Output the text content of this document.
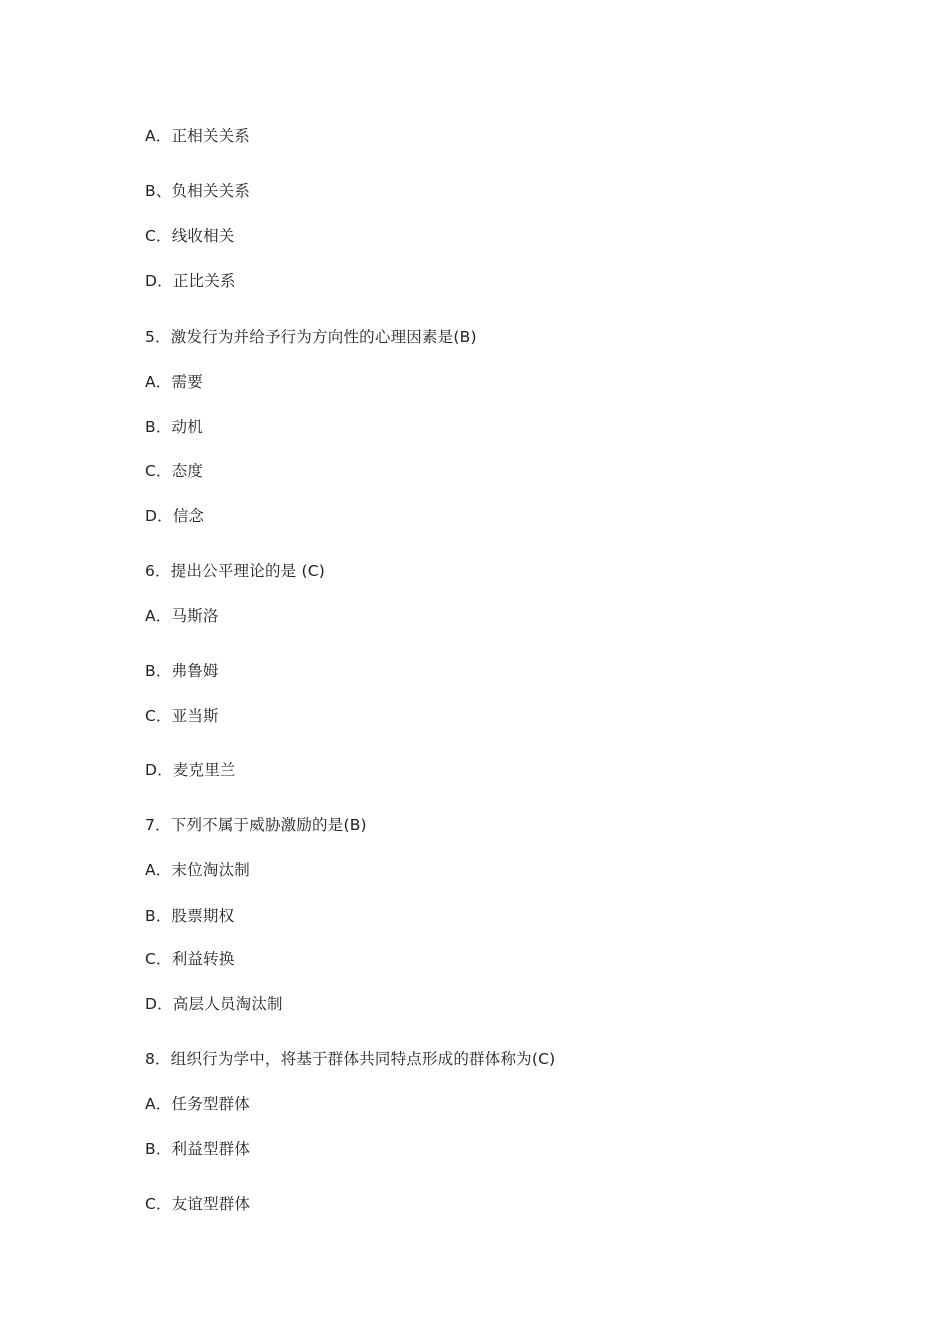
A．正相关关系
B、负相关关系
C．线收相关
D．正比关系
5．激发行为并给予行为方向性的心理因素是(B)
A．需要
B．动机
C．态度
D．信念
6．提出公平理论的是 (C)
A．马斯洛
B．弗鲁姆
C．亚当斯
D．麦克里兰
7．下列不属于威胁激励的是(B)
A．末位淘汰制
B．股票期权
C．利益转换
D．高层人员淘汰制
8．组织行为学中，将基于群体共同特点形成的群体称为(C)
A．任务型群体
B．利益型群体
C．友谊型群体
